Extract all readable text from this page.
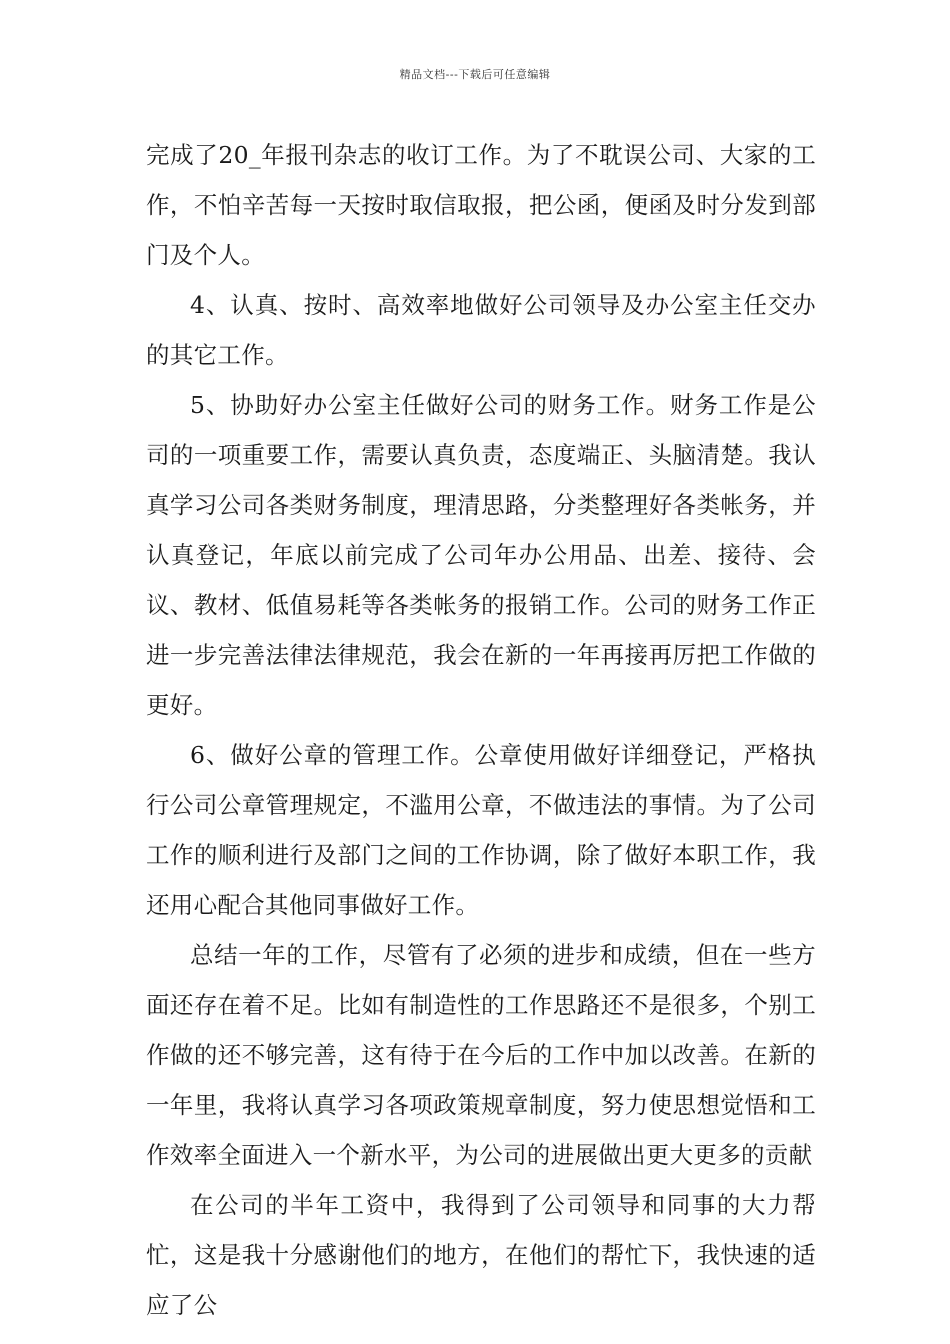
精品文档---下载后可任意编辑

完成了20_年报刊杂志的收订工作。为了不耽误公司、大家的工作，不怕辛苦每一天按时取信取报，把公函，便函及时分发到部门及个人。

4、认真、按时、高效率地做好公司领导及办公室主任交办的其它工作。

5、协助好办公室主任做好公司的财务工作。财务工作是公司的一项重要工作，需要认真负责，态度端正、头脑清楚。我认真学习公司各类财务制度，理清思路，分类整理好各类帐务，并认真登记，年底以前完成了公司年办公用品、出差、接待、会议、教材、低值易耗等各类帐务的报销工作。公司的财务工作正进一步完善法律法律规范，我会在新的一年再接再厉把工作做的更好。

6、做好公章的管理工作。公章使用做好详细登记，严格执行公司公章管理规定，不滥用公章，不做违法的事情。为了公司工作的顺利进行及部门之间的工作协调，除了做好本职工作，我还用心配合其他同事做好工作。

总结一年的工作，尽管有了必须的进步和成绩，但在一些方面还存在着不足。比如有制造性的工作思路还不是很多，个别工作做的还不够完善，这有待于在今后的工作中加以改善。在新的一年里，我将认真学习各项政策规章制度，努力使思想觉悟和工作效率全面进入一个新水平，为公司的进展做出更大更多的贡献

在公司的半年工资中，我得到了公司领导和同事的大力帮忙，这是我十分感谢他们的地方，在他们的帮忙下，我快速的适应了公
